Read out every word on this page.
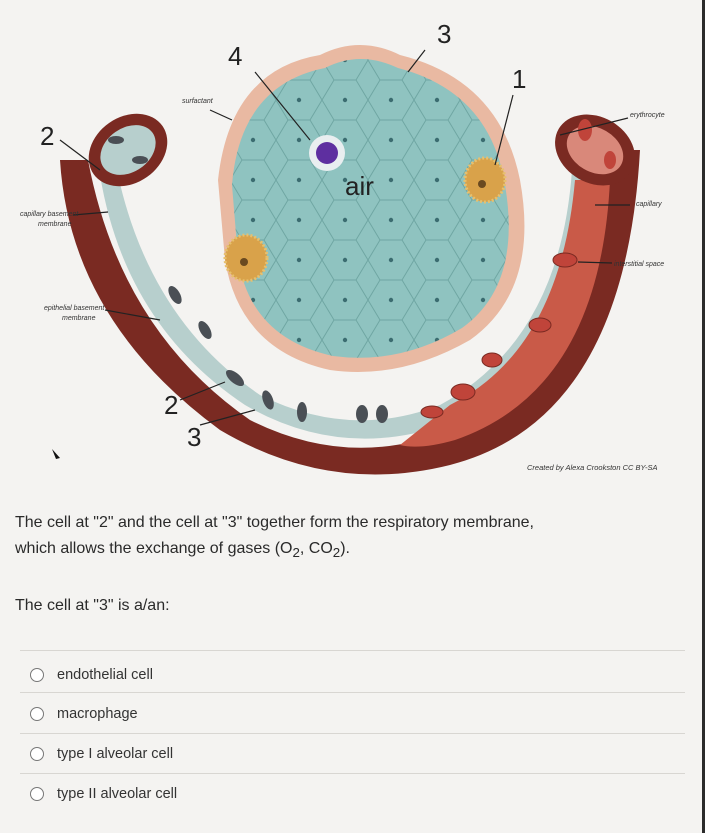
3
4
1
2
2
3
surfactant
erythrocyte
capillary basement
membrane
capillary
interstitial space
epithelial basement
membrane
air
Created by Alexa Crookston CC BY-SA
The cell at "2" and the cell at "3" together form the respiratory membrane,
which allows the exchange of gases ($O_2$, $CO_2$).
The cell at "3" is a/an:
endothelial cell
macrophage
type I alveolar cell
type II alveolar cell
